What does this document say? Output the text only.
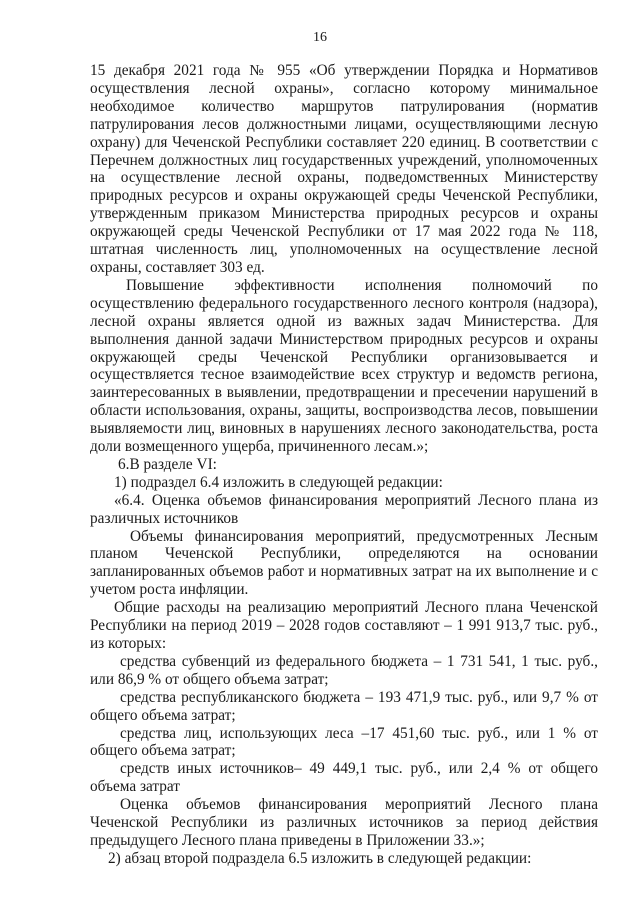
16

15 декабря 2021 года № 955 «Об утверждении Порядка и Нормативов осуществления лесной охраны», согласно которому минимальное необходимое количество маршрутов патрулирования (норматив патрулирования лесов должностными лицами, осуществляющими лесную охрану) для Чеченской Республики составляет 220 единиц. В соответствии с Перечнем должностных лиц государственных учреждений, уполномоченных на осуществление лесной охраны, подведомственных Министерству природных ресурсов и охраны окружающей среды Чеченской Республики, утвержденным приказом Министерства природных ресурсов и охраны окружающей среды Чеченской Республики от 17 мая 2022 года № 118, штатная численность лиц, уполномоченных на осуществление лесной охраны, составляет 303 ед.

Повышение эффективности исполнения полномочий по осуществлению федерального государственного лесного контроля (надзора), лесной охраны является одной из важных задач Министерства. Для выполнения данной задачи Министерством природных ресурсов и охраны окружающей среды Чеченской Республики организовывается и осуществляется тесное взаимодействие всех структур и ведомств региона, заинтересованных в выявлении, предотвращении и пресечении нарушений в области использования, охраны, защиты, воспроизводства лесов, повышении выявляемости лиц, виновных в нарушениях лесного законодательства, роста доли возмещенного ущерба, причиненного лесам.»;

6.В разделе VI:

1) подраздел 6.4 изложить в следующей редакции:

«6.4. Оценка объемов финансирования мероприятий Лесного плана из различных источников

Объемы финансирования мероприятий, предусмотренных Лесным планом Чеченской Республики, определяются на основании запланированных объемов работ и нормативных затрат на их выполнение и с учетом роста инфляции.

Общие расходы на реализацию мероприятий Лесного плана Чеченской Республики на период 2019 – 2028 годов составляют – 1 991 913,7 тыс. руб., из которых:

средства субвенций из федерального бюджета – 1 731 541, 1 тыс. руб., или 86,9 % от общего объема затрат;

средства республиканского бюджета – 193 471,9 тыс. руб., или 9,7 % от общего объема затрат;

средства лиц, использующих леса –17 451,60 тыс. руб., или 1 % от общего объема затрат;

средств иных источников– 49 449,1 тыс. руб., или 2,4 % от общего объема затрат

Оценка объемов финансирования мероприятий Лесного плана Чеченской Республики из различных источников за период действия предыдущего Лесного плана приведены в Приложении 33.»;

2) абзац второй подраздела 6.5 изложить в следующей редакции:
